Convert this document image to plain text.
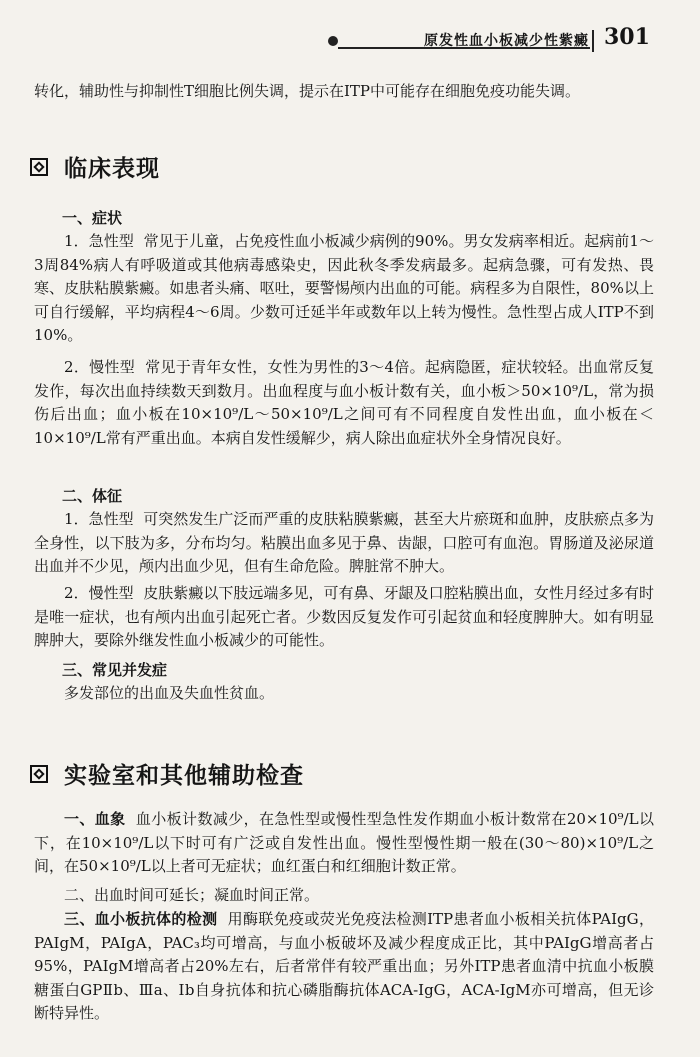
原发性血小板减少性紫癜 301
转化，辅助性与抑制性T细胞比例失调，提示在ITP中可能存在细胞免疫功能失调。
临床表现
一、症状
1．急性型 常见于儿童，占免疫性血小板减少病例的90%。男女发病率相近。起病前1～3周84%病人有呼吸道或其他病毒感染史，因此秋冬季发病最多。起病急骤，可有发热、畏寒、皮肤粘膜紫癜。如患者头痛、呕吐，要警惕颅内出血的可能。病程多为自限性，80%以上可自行缓解，平均病程4～6周。少数可迁延半年或数年以上转为慢性。急性型占成人ITP不到10%。
2．慢性型 常见于青年女性，女性为男性的3～4倍。起病隐匿，症状较轻。出血常反复发作，每次出血持续数天到数月。出血程度与血小板计数有关，血小板＞50×10⁹/L，常为损伤后出血；血小板在10×10⁹/L～50×10⁹/L之间可有不同程度自发性出血，血小板在＜10×10⁹/L常有严重出血。本病自发性缓解少，病人除出血症状外全身情况良好。
二、体征
1．急性型 可突然发生广泛而严重的皮肤粘膜紫癜，甚至大片瘀斑和血肿，皮肤瘀点多为全身性，以下肢为多，分布均匀。粘膜出血多见于鼻、齿龈，口腔可有血泡。胃肠道及泌尿道出血并不少见，颅内出血少见，但有生命危险。脾脏常不肿大。
2．慢性型 皮肤紫癜以下肢远端多见，可有鼻、牙龈及口腔粘膜出血，女性月经过多有时是唯一症状，也有颅内出血引起死亡者。少数因反复发作可引起贫血和轻度脾肿大。如有明显脾肿大，要除外继发性血小板减少的可能性。
三、常见并发症
多发部位的出血及失血性贫血。
实验室和其他辅助检查
一、血象 血小板计数减少，在急性型或慢性型急性发作期血小板计数常在20×10⁹/L以下，在10×10⁹/L以下时可有广泛或自发性出血。慢性型慢性期一般在(30～80)×10⁹/L之间，在50×10⁹/L以上者可无症状；血红蛋白和红细胞计数正常。
二、出血时间可延长；凝血时间正常。
三、血小板抗体的检测 用酶联免疫或荧光免疫法检测ITP患者血小板相关抗体PAIgG，PAIgM，PAIgA，PAC₃均可增高，与血小板破坏及减少程度成正比，其中PAIgG增高者占95%，PAIgM增高者占20%左右，后者常伴有较严重出血；另外ITP患者血清中抗血小板膜糖蛋白GPⅡb、Ⅲa、Ⅰb自身抗体和抗心磷脂酶抗体ACA-IgG，ACA-IgM亦可增高，但无诊断特异性。
